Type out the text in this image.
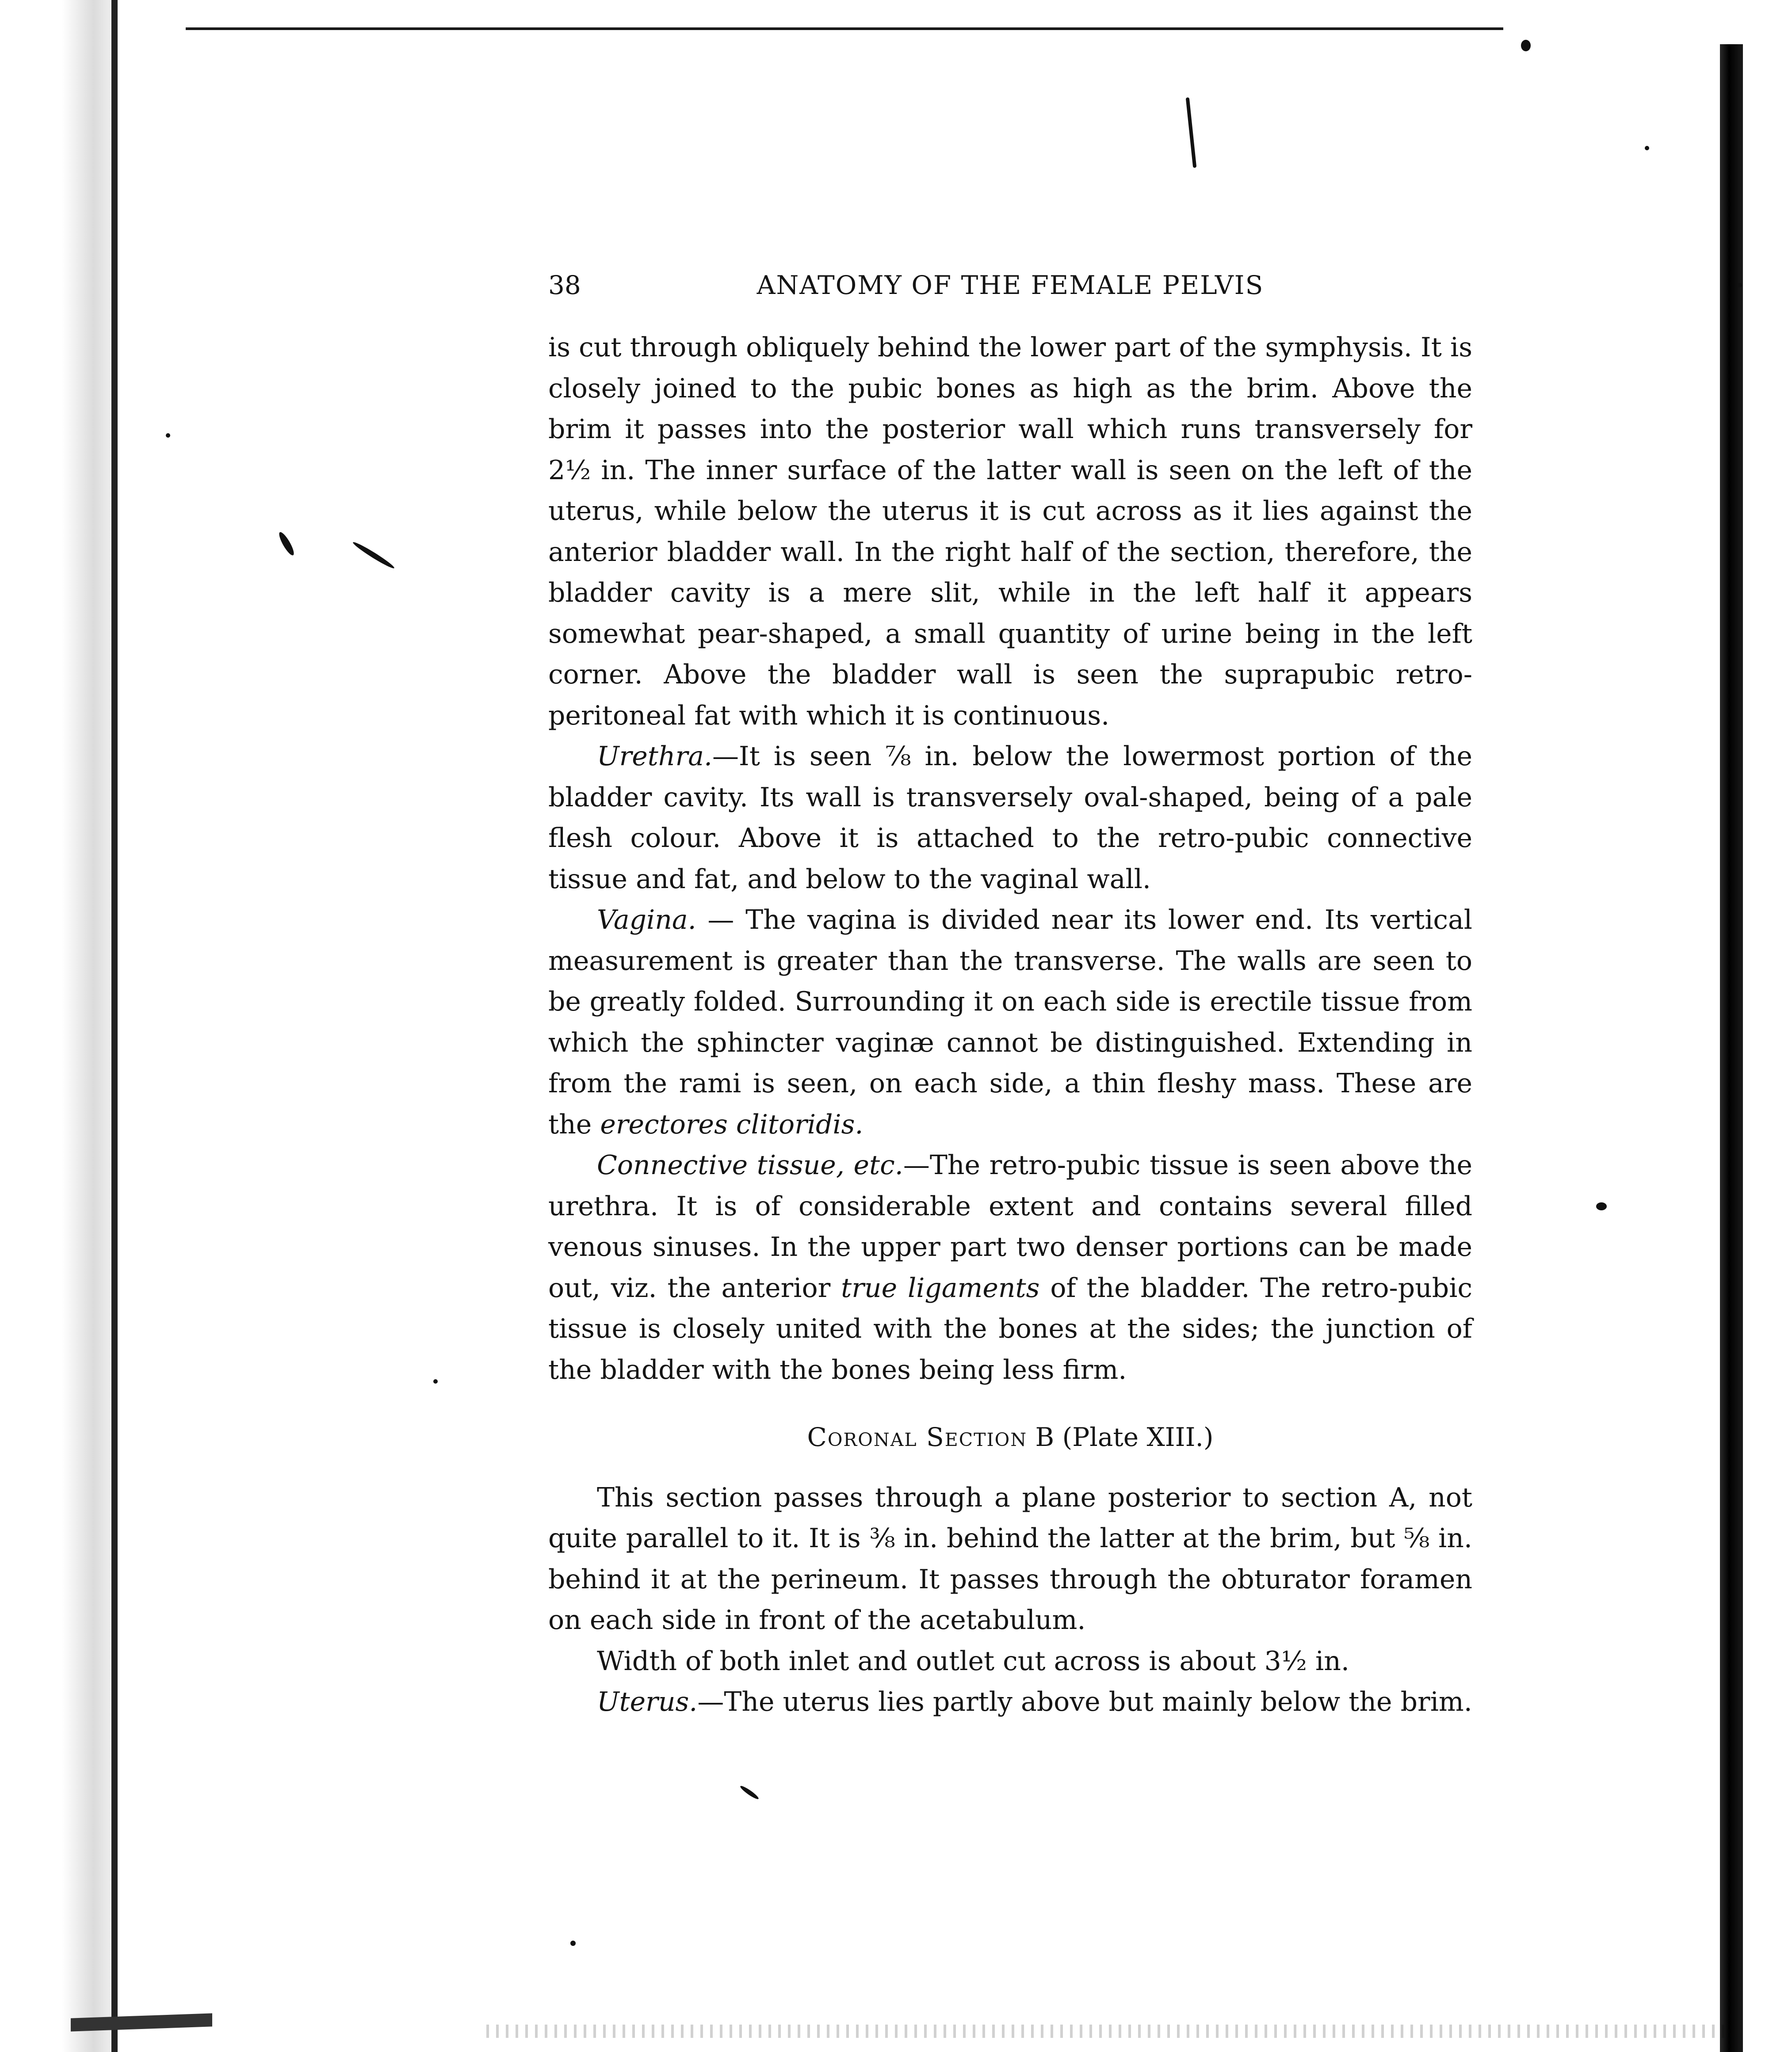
38	ANATOMY OF THE FEMALE PELVIS

is cut through obliquely behind the lower part of the symphysis. It is closely joined to the pubic bones as high as the brim. Above the brim it passes into the posterior wall which runs transversely for 2½ in. The inner surface of the latter wall is seen on the left of the uterus, while below the uterus it is cut across as it lies against the anterior bladder wall. In the right half of the section, therefore, the bladder cavity is a mere slit, while in the left half it appears somewhat pear-shaped, a small quantity of urine being in the left corner. Above the bladder wall is seen the suprapubic retro-peritoneal fat with which it is continuous.

Urethra.—It is seen ⅞ in. below the lowermost portion of the bladder cavity. Its wall is transversely oval-shaped, being of a pale flesh colour. Above it is attached to the retro-pubic connective tissue and fat, and below to the vaginal wall.

Vagina. — The vagina is divided near its lower end. Its vertical measurement is greater than the transverse. The walls are seen to be greatly folded. Surrounding it on each side is erectile tissue from which the sphincter vaginæ cannot be distinguished. Extending in from the rami is seen, on each side, a thin fleshy mass. These are the erectores clitoridis.

Connective tissue, etc.—The retro-pubic tissue is seen above the urethra. It is of considerable extent and contains several filled venous sinuses. In the upper part two denser portions can be made out, viz. the anterior true ligaments of the bladder. The retro-pubic tissue is closely united with the bones at the sides; the junction of the bladder with the bones being less firm.

Coronal Section B (Plate XIII.)

This section passes through a plane posterior to section A, not quite parallel to it. It is ⅜ in. behind the latter at the brim, but ⅝ in. behind it at the perineum. It passes through the obturator foramen on each side in front of the acetabulum.

Width of both inlet and outlet cut across is about 3½ in.

Uterus.—The uterus lies partly above but mainly below the brim.
